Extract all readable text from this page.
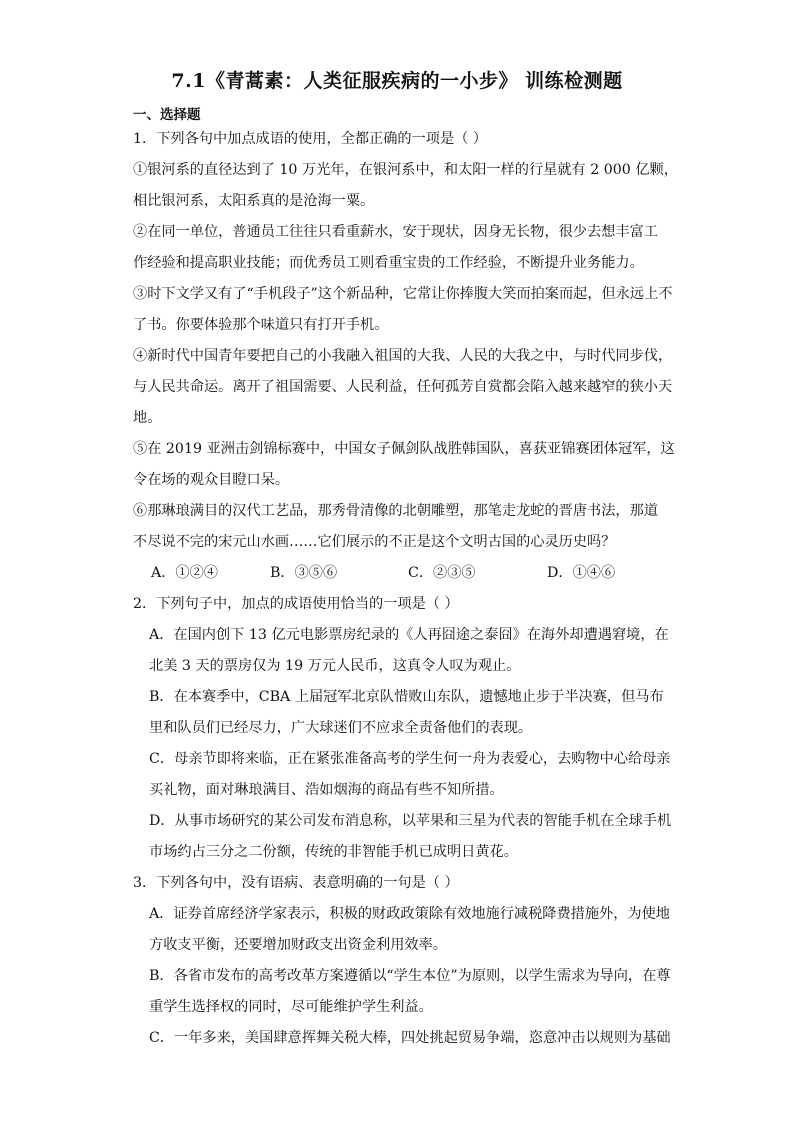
7.1《青蒿素：人类征服疾病的一小步》 训练检测题
一、选择题
1．下列各句中加点成语的使用，全都正确的一项是（ ）
①银河系的直径达到了 10 万光年，在银河系中，和太阳一样的行星就有 2 000 亿颗，
相比银河系，太阳系真的是沧海一粟。
②在同一单位，普通员工往往只看重薪水，安于现状，因身无长物，很少去想丰富工
作经验和提高职业技能；而优秀员工则看重宝贵的工作经验，不断提升业务能力。
③时下文学又有了“手机段子”这个新品种，它常让你捧腹大笑而拍案而起，但永远上不
了书。你要体验那个味道只有打开手机。
④新时代中国青年要把自己的小我融入祖国的大我、人民的大我之中，与时代同步伐，
与人民共命运。离开了祖国需要、人民利益，任何孤芳自赏都会陷入越来越窄的狭小天
地。
⑤在 2019 亚洲击剑锦标赛中，中国女子佩剑队战胜韩国队，喜获亚锦赛团体冠军，这
令在场的观众目瞪口呆。
⑥那琳琅满目的汉代工艺品，那秀骨清像的北朝雕塑，那笔走龙蛇的晋唐书法，那道
不尽说不完的宋元山水画……它们展示的不正是这个文明古国的心灵历史吗？
A．①②④	B．③⑤⑥	C．②③⑤	D．①④⑥
2．下列句子中，加点的成语使用恰当的一项是（ ）
A．在国内创下 13 亿元电影票房纪录的《人再囧途之泰囧》在海外却遭遇窘境，在
北美 3 天的票房仅为 19 万元人民币，这真令人叹为观止。
B．在本赛季中，CBA 上届冠军北京队惜败山东队，遗憾地止步于半决赛，但马布
里和队员们已经尽力，广大球迷们不应求全责备他们的表现。
C．母亲节即将来临，正在紧张准备高考的学生何一舟为表爱心，去购物中心给母亲
买礼物，面对琳琅满目、浩如烟海的商品有些不知所措。
D．从事市场研究的某公司发布消息称，以苹果和三星为代表的智能手机在全球手机
市场约占三分之二份额，传统的非智能手机已成明日黄花。
3．下列各句中，没有语病、表意明确的一句是（ ）
A．证券首席经济学家表示，积极的财政政策除有效地施行减税降费措施外，为使地
方收支平衡，还要增加财政支出资金利用效率。
B．各省市发布的高考改革方案遵循以“学生本位”为原则，以学生需求为导向，在尊
重学生选择权的同时，尽可能维护学生利益。
C．一年多来，美国肆意挥舞关税大棒，四处挑起贸易争端，恣意冲击以规则为基础
